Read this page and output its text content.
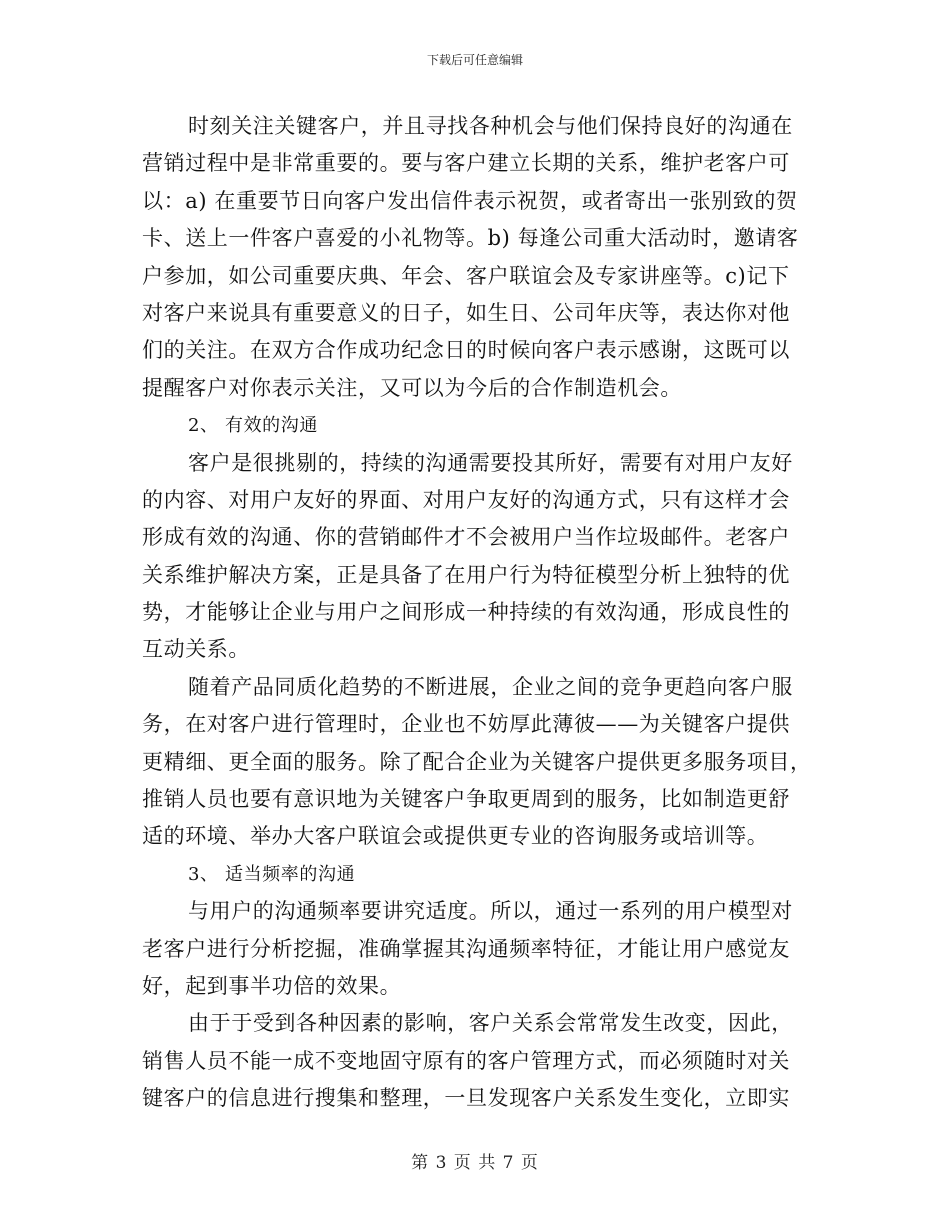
下载后可任意编辑
时刻关注关键客户，并且寻找各种机会与他们保持良好的沟通在
营销过程中是非常重要的。要与客户建立长期的关系，维护老客户可
以：a) 在重要节日向客户发出信件表示祝贺，或者寄出一张别致的贺
卡、送上一件客户喜爱的小礼物等。b) 每逢公司重大活动时，邀请客
户参加，如公司重要庆典、年会、客户联谊会及专家讲座等。c)记下
对客户来说具有重要意义的日子，如生日、公司年庆等，表达你对他
们的关注。在双方合作成功纪念日的时候向客户表示感谢，这既可以
提醒客户对你表示关注，又可以为今后的合作制造机会。
2、 有效的沟通
客户是很挑剔的，持续的沟通需要投其所好，需要有对用户友好
的内容、对用户友好的界面、对用户友好的沟通方式，只有这样才会
形成有效的沟通、你的营销邮件才不会被用户当作垃圾邮件。老客户
关系维护解决方案，正是具备了在用户行为特征模型分析上独特的优
势，才能够让企业与用户之间形成一种持续的有效沟通，形成良性的
互动关系。
随着产品同质化趋势的不断进展，企业之间的竞争更趋向客户服
务，在对客户进行管理时，企业也不妨厚此薄彼——为关键客户提供
更精细、更全面的服务。除了配合企业为关键客户提供更多服务项目，
推销人员也要有意识地为关键客户争取更周到的服务，比如制造更舒
适的环境、举办大客户联谊会或提供更专业的咨询服务或培训等。
3、 适当频率的沟通
与用户的沟通频率要讲究适度。所以，通过一系列的用户模型对
老客户进行分析挖掘，准确掌握其沟通频率特征，才能让用户感觉友
好，起到事半功倍的效果。
由于于受到各种因素的影响，客户关系会常常发生改变，因此，
销售人员不能一成不变地固守原有的客户管理方式，而必须随时对关
键客户的信息进行搜集和整理，一旦发现客户关系发生变化，立即实
第 3 页 共 7 页
